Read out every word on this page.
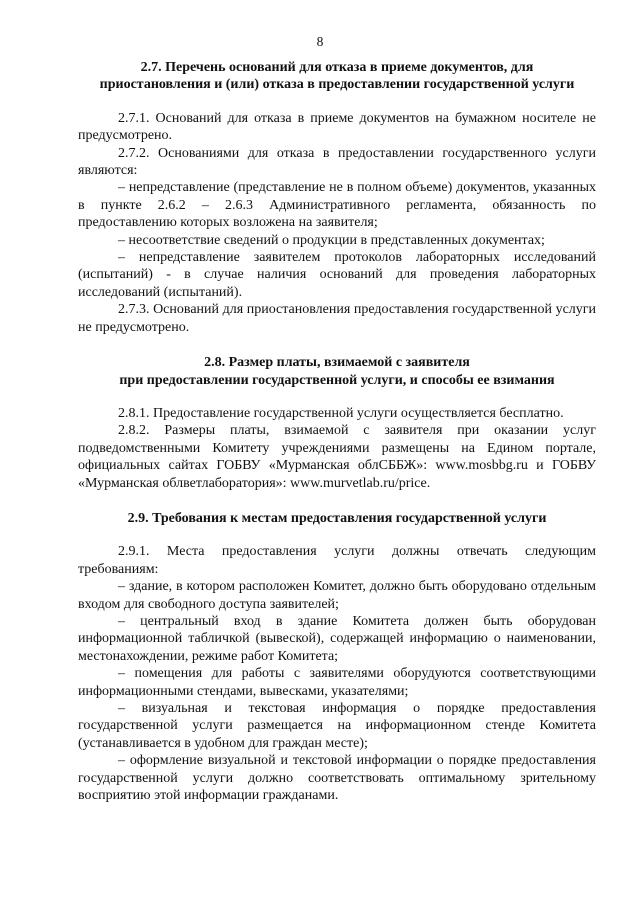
8

2.7. Перечень оснований для отказа в приеме документов, для

приостановления и (или) отказа в предоставлении государственной услуги

2.7.1. Оснований для отказа в приеме документов на бумажном носителе не предусмотрено.

2.7.2. Основаниями для отказа в предоставлении государственного услуги являются:

– непредставление (представление не в полном объеме) документов, указанных в пункте 2.6.2 – 2.6.3 Административного регламента, обязанность по предоставлению которых возложена на заявителя;

– несоответствие сведений о продукции в представленных документах;

– непредставление заявителем протоколов лабораторных исследований (испытаний) - в случае наличия оснований для проведения лабораторных исследований (испытаний).

2.7.3. Оснований для приостановления предоставления государственной услуги не предусмотрено.

2.8. Размер платы, взимаемой с заявителя

при предоставлении государственной услуги, и способы ее взимания

2.8.1. Предоставление государственной услуги осуществляется бесплатно.

2.8.2. Размеры платы, взимаемой с заявителя при оказании услуг подведомственными Комитету учреждениями размещены на Едином портале, официальных сайтах ГОБВУ «Мурманская облСББЖ»: www.mosbbg.ru и ГОБВУ «Мурманская облветлаборатория»: www.murvetlab.ru/price.

2.9. Требования к местам предоставления государственной услуги

2.9.1. Места предоставления услуги должны отвечать следующим требованиям:

– здание, в котором расположен Комитет, должно быть оборудовано отдельным входом для свободного доступа заявителей;

– центральный вход в здание Комитета должен быть оборудован информационной табличкой (вывеской), содержащей информацию о наименовании, местонахождении, режиме работ Комитета;

– помещения для работы с заявителями оборудуются соответствующими информационными стендами, вывесками, указателями;

– визуальная и текстовая информация о порядке предоставления государственной услуги размещается на информационном стенде Комитета (устанавливается в удобном для граждан месте);

– оформление визуальной и текстовой информации о порядке предоставления государственной услуги должно соответствовать оптимальному зрительному восприятию этой информации гражданами.
